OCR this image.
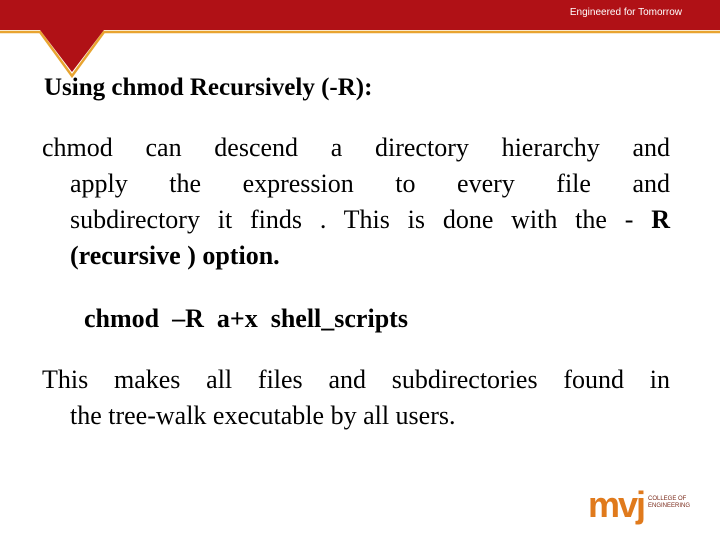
Engineered for Tomorrow
Using chmod Recursively (-R):
chmod can descend a directory hierarchy and
apply the expression to every file and
subdirectory it finds . This is done with the - R
(recursive ) option.
chmod  –R  a+x  shell_scripts
This makes all files and subdirectories found in
the tree-walk executable by all users.
mvj COLLEGE OF
ENGINEERING
